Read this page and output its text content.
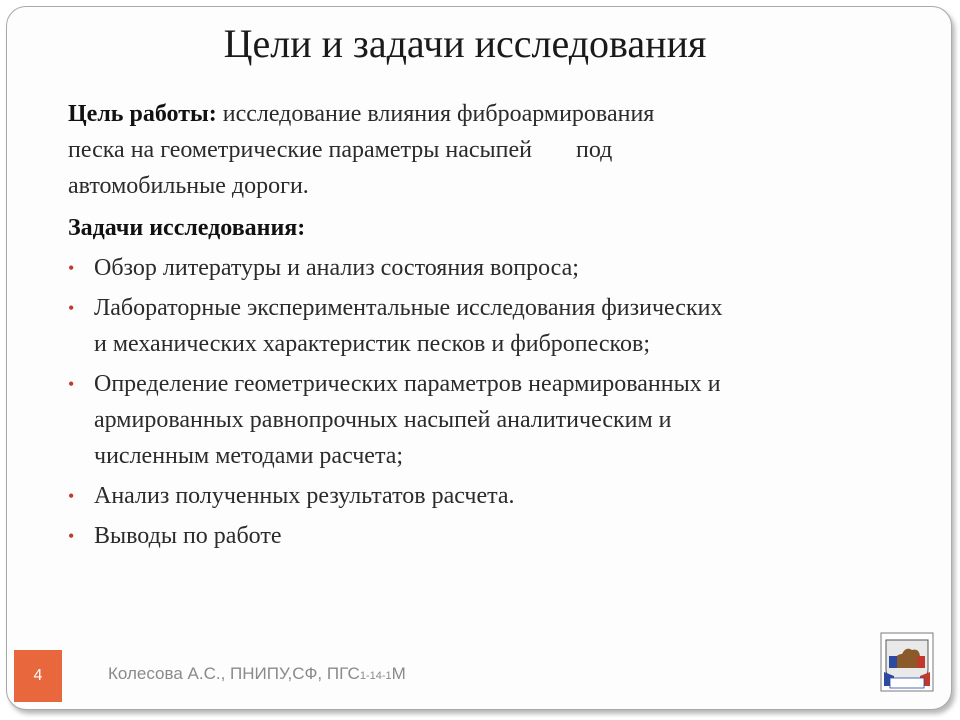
Цели и задачи исследования
Цель работы: исследование влияния фиброармирования
песка на геометрические параметры насыпей под
автомобильные дороги.
Задачи исследования:
• Обзор литературы и анализ состояния вопроса;
• Лабораторные экспериментальные исследования физических
и механических характеристик песков и фибропесков;
• Определение геометрических параметров неармированных и
армированных равнопрочных насыпей аналитическим и
численным методами расчета;
• Анализ полученных результатов расчета.
• Выводы по работе
4	Колесова А.С., ПНИПУ,СФ, ПГС1-14-1М
